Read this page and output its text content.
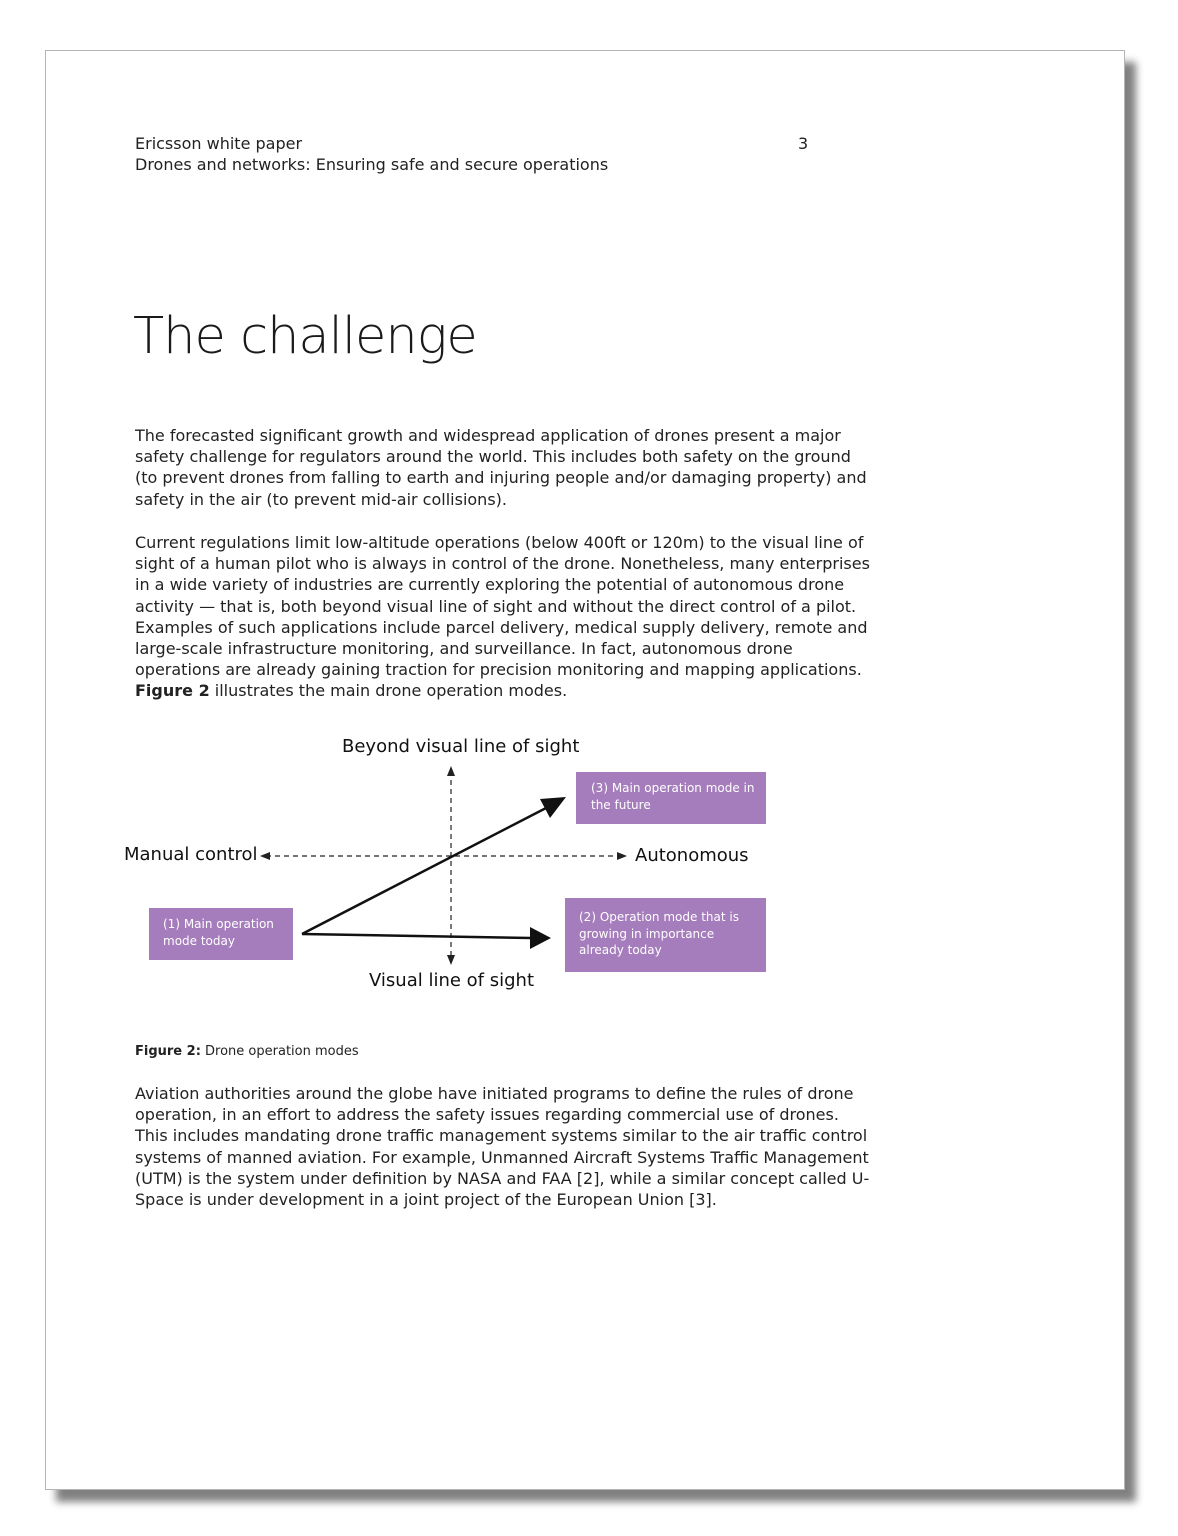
Ericsson white paper
Drones and networks: Ensuring safe and secure operations
3
The challenge

The forecasted significant growth and widespread application of drones present a major safety challenge for regulators around the world. This includes both safety on the ground (to prevent drones from falling to earth and injuring people and/or damaging property) and safety in the air (to prevent mid-air collisions).

Current regulations limit low-altitude operations (below 400ft or 120m) to the visual line of sight of a human pilot who is always in control of the drone. Nonetheless, many enterprises in a wide variety of industries are currently exploring the potential of autonomous drone activity — that is, both beyond visual line of sight and without the direct control of a pilot. Examples of such applications include parcel delivery, medical supply delivery, remote and large-scale infrastructure monitoring, and surveillance. In fact, autonomous drone operations are already gaining traction for precision monitoring and mapping applications. Figure 2 illustrates the main drone operation modes.

Beyond visual line of sight
Visual line of sight
Manual control	Autonomous
(1) Main operation mode today
(3) Main operation mode in the future
(2) Operation mode that is growing in importance already today
Figure 2: Drone operation modes

Aviation authorities around the globe have initiated programs to define the rules of drone operation, in an effort to address the safety issues regarding commercial use of drones. This includes mandating drone traffic management systems similar to the air traffic control systems of manned aviation. For example, Unmanned Aircraft Systems Traffic Management (UTM) is the system under definition by NASA and FAA [2], while a similar concept called U-Space is under development in a joint project of the European Union [3].
